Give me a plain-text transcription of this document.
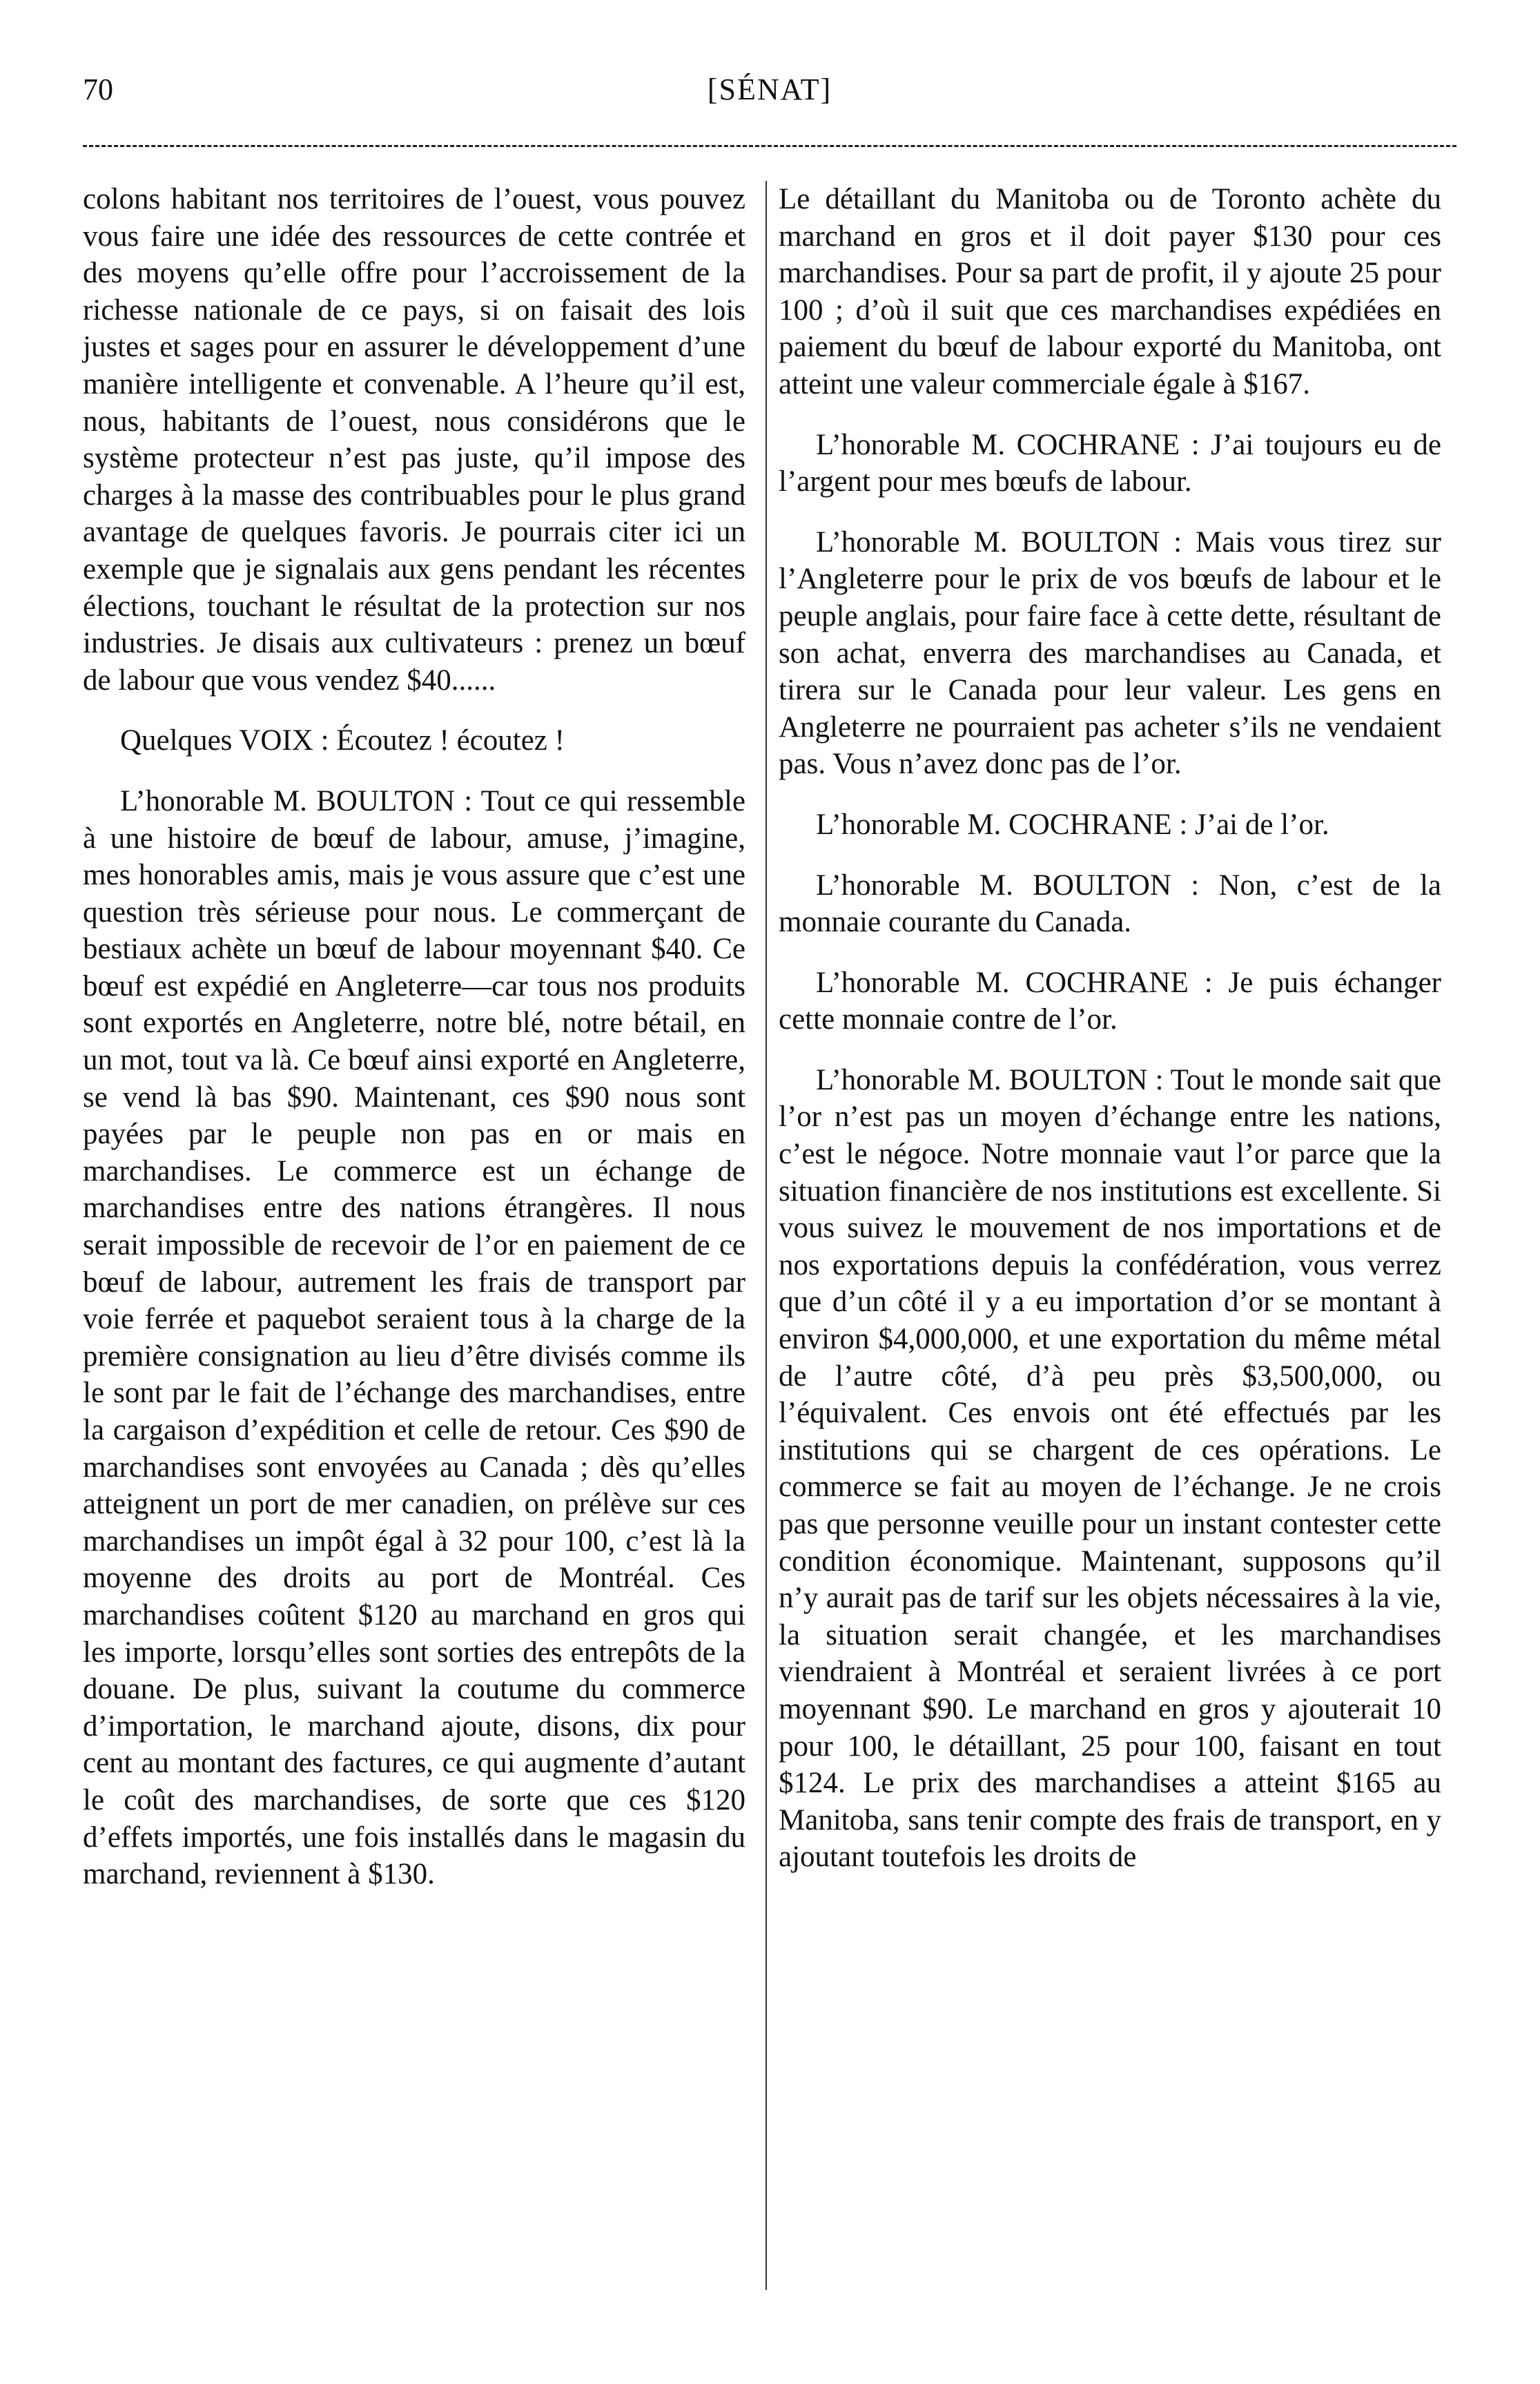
70	[SÉNAT]

colons habitant nos territoires de l’ouest, vous pouvez vous faire une idée des ressources de cette contrée et des moyens qu’elle offre pour l’accroissement de la richesse nationale de ce pays, si on faisait des lois justes et sages pour en assurer le développement d’une manière intelligente et convenable. A l’heure qu’il est, nous, habitants de l’ouest, nous considérons que le système protecteur n’est pas juste, qu’il impose des charges à la masse des contribuables pour le plus grand avantage de quelques favoris. Je pourrais citer ici un exemple que je signalais aux gens pendant les récentes élections, touchant le résultat de la protection sur nos industries. Je disais aux cultivateurs : prenez un bœuf de labour que vous vendez $40......

Quelques VOIX : Écoutez ! écoutez !

L’honorable M. BOULTON : Tout ce qui ressemble à une histoire de bœuf de labour, amuse, j’imagine, mes honorables amis, mais je vous assure que c’est une question très sérieuse pour nous. Le commerçant de bestiaux achète un bœuf de labour moyennant $40. Ce bœuf est expédié en Angleterre—car tous nos produits sont exportés en Angleterre, notre blé, notre bétail, en un mot, tout va là. Ce bœuf ainsi exporté en Angleterre, se vend là bas $90. Maintenant, ces $90 nous sont payées par le peuple non pas en or mais en marchandises. Le commerce est un échange de marchandises entre des nations étrangères. Il nous serait impossible de recevoir de l’or en paiement de ce bœuf de labour, autrement les frais de transport par voie ferrée et paquebot seraient tous à la charge de la première consignation au lieu d’être divisés comme ils le sont par le fait de l’échange des marchandises, entre la cargaison d’expédition et celle de retour. Ces $90 de marchandises sont envoyées au Canada ; dès qu’elles atteignent un port de mer canadien, on prélève sur ces marchandises un impôt égal à 32 pour 100, c’est là la moyenne des droits au port de Montréal. Ces marchandises coûtent $120 au marchand en gros qui les importe, lorsqu’elles sont sorties des entrepôts de la douane. De plus, suivant la coutume du commerce d’importation, le marchand ajoute, disons, dix pour cent au montant des factures, ce qui augmente d’autant le coût des marchandises, de sorte que ces $120 d’effets importés, une fois installés dans le magasin du marchand, reviennent à $130.

Le détaillant du Manitoba ou de Toronto achète du marchand en gros et il doit payer $130 pour ces marchandises. Pour sa part de profit, il y ajoute 25 pour 100 ; d’où il suit que ces marchandises expédiées en paiement du bœuf de labour exporté du Manitoba, ont atteint une valeur commerciale égale à $167.

L’honorable M. COCHRANE : J’ai toujours eu de l’argent pour mes bœufs de labour.

L’honorable M. BOULTON : Mais vous tirez sur l’Angleterre pour le prix de vos bœufs de labour et le peuple anglais, pour faire face à cette dette, résultant de son achat, enverra des marchandises au Canada, et tirera sur le Canada pour leur valeur. Les gens en Angleterre ne pourraient pas acheter s’ils ne vendaient pas. Vous n’avez donc pas de l’or.

L’honorable M. COCHRANE : J’ai de l’or.

L’honorable M. BOULTON : Non, c’est de la monnaie courante du Canada.

L’honorable M. COCHRANE : Je puis échanger cette monnaie contre de l’or.

L’honorable M. BOULTON : Tout le monde sait que l’or n’est pas un moyen d’échange entre les nations, c’est le négoce. Notre monnaie vaut l’or parce que la situation financière de nos institutions est excellente. Si vous suivez le mouvement de nos importations et de nos exportations depuis la confédération, vous verrez que d’un côté il y a eu importation d’or se montant à environ $4,000,000, et une exportation du même métal de l’autre côté, d’à peu près $3,500,000, ou l’équivalent. Ces envois ont été effectués par les institutions qui se chargent de ces opérations. Le commerce se fait au moyen de l’échange. Je ne crois pas que personne veuille pour un instant contester cette condition économique. Maintenant, supposons qu’il n’y aurait pas de tarif sur les objets nécessaires à la vie, la situation serait changée, et les marchandises viendraient à Montréal et seraient livrées à ce port moyennant $90. Le marchand en gros y ajouterait 10 pour 100, le détaillant, 25 pour 100, faisant en tout $124. Le prix des marchandises a atteint $165 au Manitoba, sans tenir compte des frais de transport, en y ajoutant toutefois les droits de
